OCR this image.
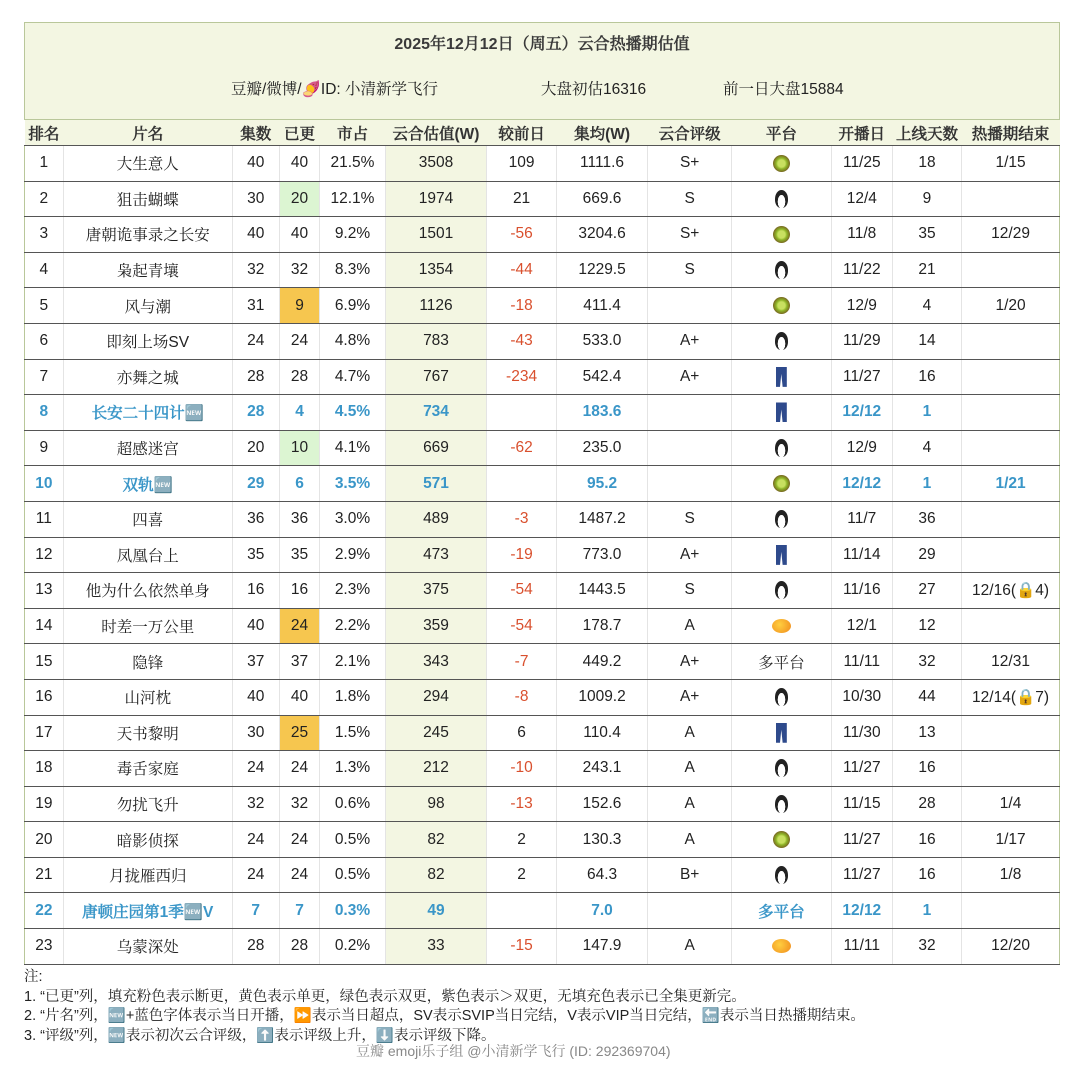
2025年12月12日（周五）云合热播期估值
豆瓣/微博/🍠ID: 小清新学飞行	大盘初估16316	前一日大盘15884
排名	片名	集数	已更	市占	云合估值(W)	较前日	集均(W)	云合评级	平台	开播日	上线天数	热播期结束
1	大生意人	40	40	21.5%	3508	109	1111.6	S+		11/25	18	1/15
2	狙击蝴蝶	30	20	12.1%	1974	21	669.6	S		12/4	9	
3	唐朝诡事录之长安	40	40	9.2%	1501	-56	3204.6	S+		11/8	35	12/29
4	枭起青壤	32	32	8.3%	1354	-44	1229.5	S		11/22	21	
5	风与潮	31	9	6.9%	1126	-18	411.4			12/9	4	1/20
6	即刻上场SV	24	24	4.8%	783	-43	533.0	A+		11/29	14	
7	亦舞之城	28	28	4.7%	767	-234	542.4	A+		11/27	16	
8	长安二十四计🆕	28	4	4.5%	734		183.6			12/12	1	
9	超感迷宫	20	10	4.1%	669	-62	235.0			12/9	4	
10	双轨🆕	29	6	3.5%	571		95.2			12/12	1	1/21
11	四喜	36	36	3.0%	489	-3	1487.2	S		11/7	36	
12	凤凰台上	35	35	2.9%	473	-19	773.0	A+		11/14	29	
13	他为什么依然单身	16	16	2.3%	375	-54	1443.5	S		11/16	27	12/16(🔒4)
14	时差一万公里	40	24	2.2%	359	-54	178.7	A		12/1	12	
15	隐锋	37	37	2.1%	343	-7	449.2	A+	多平台	11/11	32	12/31
16	山河枕	40	40	1.8%	294	-8	1009.2	A+		10/30	44	12/14(🔒7)
17	天书黎明	30	25	1.5%	245	6	110.4	A		11/30	13	
18	毒舌家庭	24	24	1.3%	212	-10	243.1	A		11/27	16	
19	勿扰飞升	32	32	0.6%	98	-13	152.6	A		11/15	28	1/4
20	暗影侦探	24	24	0.5%	82	2	130.3	A		11/27	16	1/17
21	月拢雁西归	24	24	0.5%	82	2	64.3	B+		11/27	16	1/8
22	唐顿庄园第1季🆕V	7	7	0.3%	49		7.0		多平台	12/12	1	
23	乌蒙深处	28	28	0.2%	33	-15	147.9	A		11/11	32	12/20
注:
1. “已更”列，填充粉色表示断更，黄色表示单更，绿色表示双更，紫色表示＞双更，无填充色表示已全集更新完。
2. “片名”列，🆕+蓝色字体表示当日开播，⏩表示当日超点，SV表示SVIP当日完结，V表示VIP当日完结，🔚表示当日热播期结束。
3. “评级”列，🆕表示初次云合评级，⬆️表示评级上升，⬇️表示评级下降。
豆瓣 emoji乐子组 @小清新学飞行 (ID: 292369704)
